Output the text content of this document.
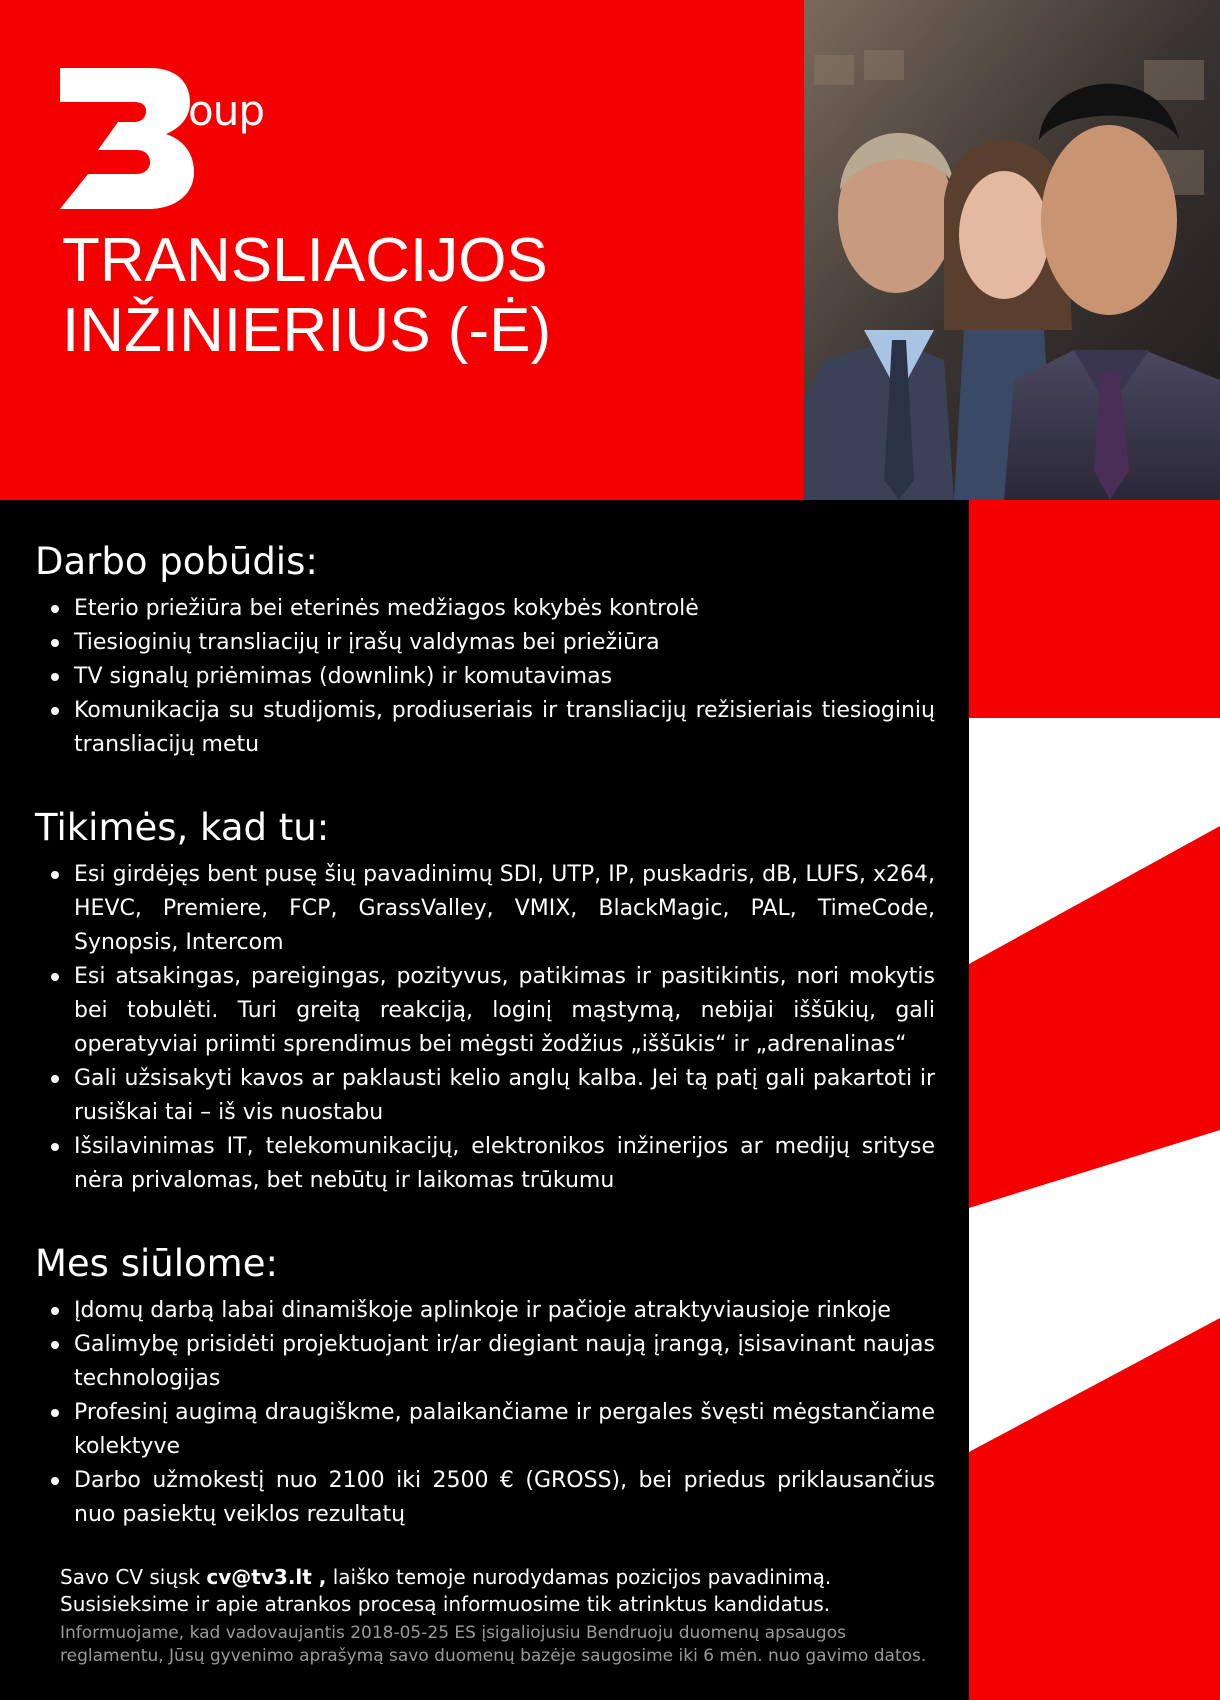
group
TRANSLIACIJOS
INŽINIERIUS (-Ė)
Darbo pobūdis:
Eterio priežiūra bei eterinės medžiagos kokybės kontrolė
Tiesioginių transliacijų ir įrašų valdymas bei priežiūra
TV signalų priėmimas (downlink) ir komutavimas
Komunikacija su studijomis, prodiuseriais ir transliacijų režisieriais tiesioginių transliacijų metu
Tikimės, kad tu:
Esi girdėjęs bent pusę šių pavadinimų SDI, UTP, IP, puskadris, dB, LUFS, x264, HEVC, Premiere, FCP, GrassValley, VMIX, BlackMagic, PAL, TimeCode, Synopsis, Intercom
Esi atsakingas, pareigingas, pozityvus, patikimas ir pasitikintis, nori mokytis bei tobulėti. Turi greitą reakciją, loginį mąstymą, nebijai iššūkių, gali operatyviai priimti sprendimus bei mėgsti žodžius „iššūkis“ ir „adrenalinas“
Gali užsisakyti kavos ar paklausti kelio anglų kalba. Jei tą patį gali pakartoti ir rusiškai tai – iš vis nuostabu
Išsilavinimas IT, telekomunikacijų, elektronikos inžinerijos ar medijų srityse nėra privalomas, bet nebūtų ir laikomas trūkumu
Mes siūlome:
Įdomų darbą labai dinamiškoje aplinkoje ir pačioje atraktyviausioje rinkoje
Galimybę prisidėti projektuojant ir/ar diegiant naują įrangą, įsisavinant naujas technologijas
Profesinį augimą draugiškme, palaikančiame ir pergales švęsti mėgstančiame kolektyve
Darbo užmokestį nuo 2100 iki 2500 € (GROSS), bei priedus priklausančius nuo pasiektų veiklos rezultatų
Savo CV siųsk cv@tv3.lt , laiško temoje nurodydamas pozicijos pavadinimą.
Susisieksime ir apie atrankos procesą informuosime tik atrinktus kandidatus.
Informuojame, kad vadovaujantis 2018-05-25 ES įsigaliojusiu Bendruoju duomenų apsaugos reglamentu, Jūsų gyvenimo aprašymą savo duomenų bazėje saugosime iki 6 mėn. nuo gavimo datos.
